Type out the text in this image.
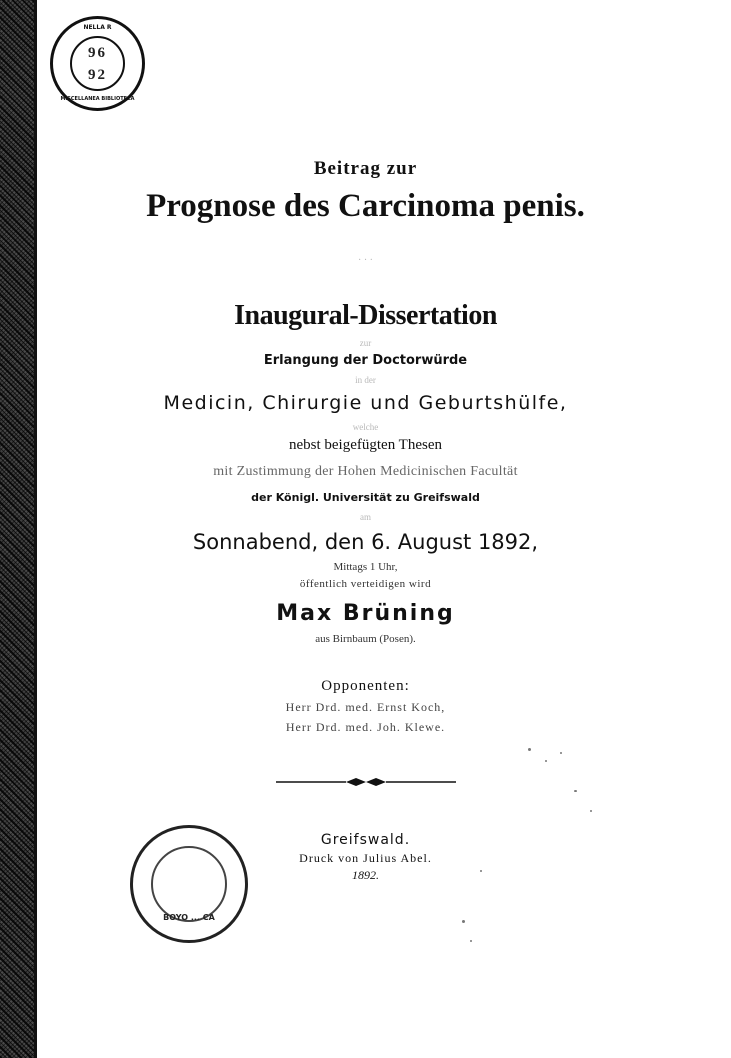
96
92
MISCELLANEA BIBLIOTECA
NELLA R
Beitrag zur
Prognose des Carcinoma penis.
· · ·
Inaugural-Dissertation
zur
Erlangung der Doctorwürde
in der
Medicin, Chirurgie und Geburtshülfe,
welche
nebst beigefügten Thesen
mit Zustimmung der Hohen Medicinischen Facultät
der Königl. Universität zu Greifswald
am
Sonnabend, den 6. August 1892,
Mittags 1 Uhr,
öffentlich verteidigen wird
Max Brüning
aus Birnbaum (Posen).
Opponenten:
Herr Drd. med. Ernst Koch,
Herr Drd. med. Joh. Klewe.
Greifswald.
Druck von Julius Abel.
1892.
BOYO ... CA
